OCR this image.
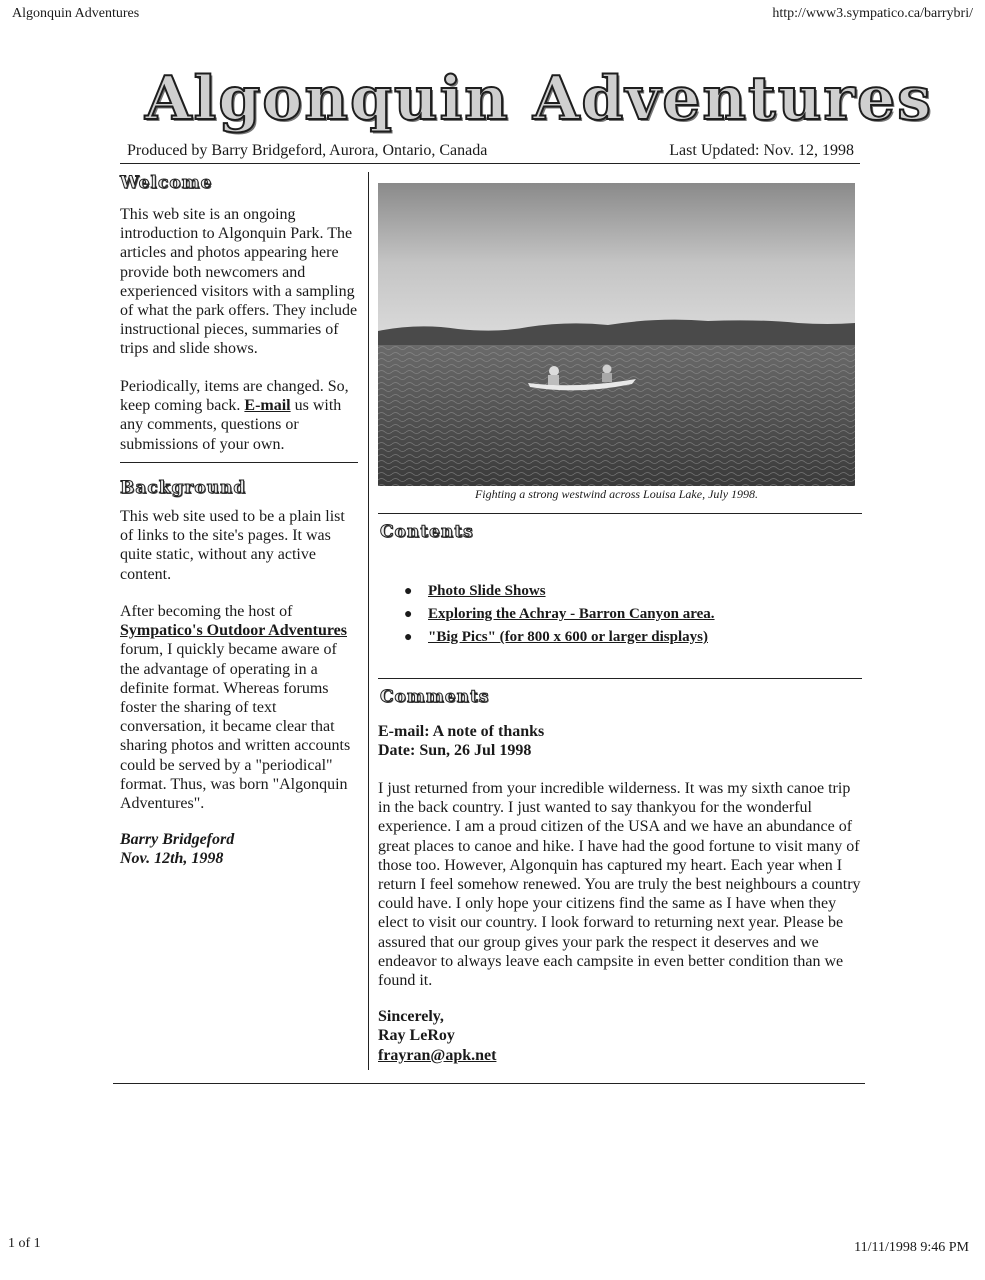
Algonquin Adventures	http://www3.sympatico.ca/barrybri/
1 of 1	11/11/1998 9:46 PM
Algonquin Adventures
Produced by Barry Bridgeford, Aurora, Ontario, Canada	Last Updated: Nov. 12, 1998
Welcome

This web site is an ongoing introduction to Algonquin Park. The articles and photos appearing here provide both newcomers and experienced visitors with a sampling of what the park offers. They include instructional pieces, summaries of trips and slide shows.

Periodically, items are changed. So, keep coming back. E-mail us with any comments, questions or submissions of your own.

Background

This web site used to be a plain list of links to the site's pages. It was quite static, without any active content.

After becoming the host of Sympatico's Outdoor Adventures forum, I quickly became aware of the advantage of operating in a definite format. Whereas forums foster the sharing of text conversation, it became clear that sharing photos and written accounts could be served by a "periodical" format. Thus, was born "Algonquin Adventures".

Barry Bridgeford

Nov. 12th, 1998

Fighting a strong westwind across Louisa Lake, July 1998.
Contents
● Photo Slide Shows
● Exploring the Achray - Barron Canyon area.
● "Big Pics" (for 800 x 600 or larger displays)
Comments

E-mail: A note of thanks

Date: Sun, 26 Jul 1998

I just returned from your incredible wilderness. It was my sixth canoe trip in the back country. I just wanted to say thankyou for the wonderful experience. I am a proud citizen of the USA and we have an abundance of great places to canoe and hike. I have had the good fortune to visit many of those too. However, Algonquin has captured my heart. Each year when I return I feel somehow renewed. You are truly the best neighbours a country could have. I only hope your citizens find the same as I have when they elect to visit our country. I look forward to returning next year. Please be assured that our group gives your park the respect it deserves and we endeavor to always leave each campsite in even better condition than we found it.

Sincerely,

Ray LeRoy

frayran@apk.net
